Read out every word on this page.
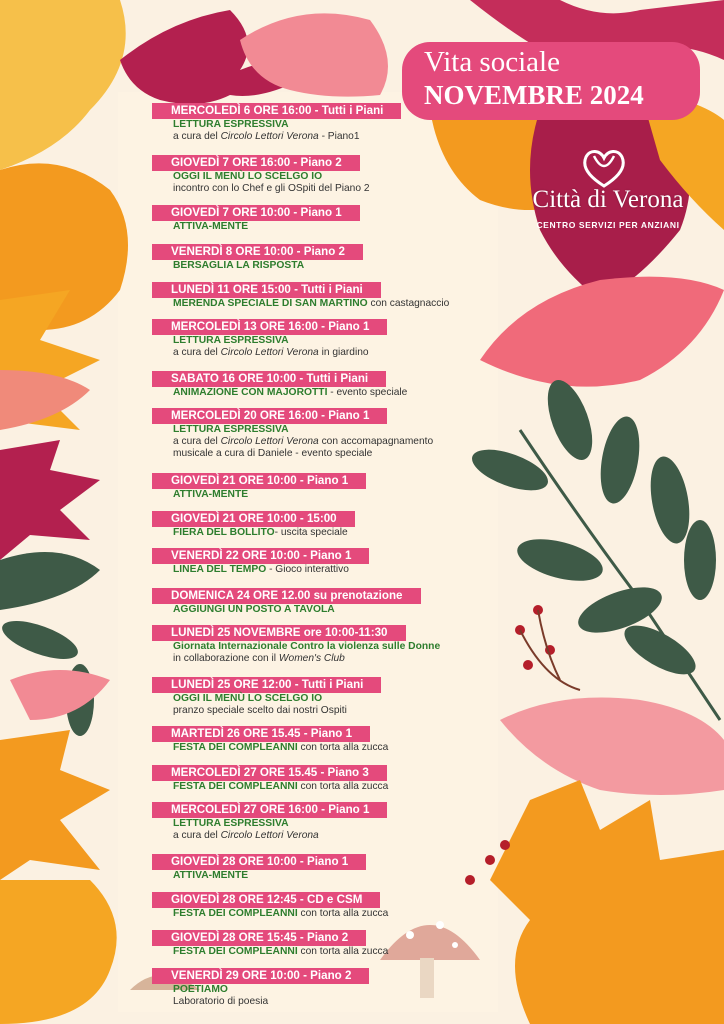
Vita sociale
NOVEMBRE 2024
Città di Verona
CENTRO SERVIZI PER ANZIANI
MERCOLEDÌ 6 ORE 16:00 - Tutti i Piani
LETTURA ESPRESSIVA
a cura del Circolo Lettori Verona - Piano1
GIOVEDÌ 7 ORE 16:00 - Piano 2
OGGI IL MENÙ LO SCELGO IO
incontro con lo Chef e gli OSpiti del Piano 2
GIOVEDÌ 7 ORE 10:00 - Piano 1
ATTIVA-MENTE
VENERDÌ 8 ORE 10:00 - Piano 2
BERSAGLIA LA RISPOSTA
LUNEDÌ 11 ORE 15:00 - Tutti i Piani
MERENDA SPECIALE DI SAN MARTINO con castagnaccio
MERCOLEDÌ 13 ORE 16:00 - Piano 1
LETTURA ESPRESSIVA
a cura del Circolo Lettori Verona in giardino
SABATO 16 ORE 10:00 - Tutti i Piani
ANIMAZIONE CON MAJOROTTI - evento speciale
MERCOLEDÌ 20 ORE 16:00 - Piano 1
LETTURA ESPRESSIVA
a cura del Circolo Lettori Verona con accomapagnamento
musicale a cura di Daniele - evento speciale
GIOVEDÌ 21 ORE 10:00 - Piano 1
ATTIVA-MENTE
GIOVEDÌ 21 ORE 10:00 - 15:00
FIERA DEL BOLLITO- uscita speciale
VENERDÌ 22 ORE 10:00 - Piano 1
LINEA DEL TEMPO - Gioco interattivo
DOMENICA 24 ORE 12.00 su prenotazione
AGGIUNGI UN POSTO A TAVOLA
LUNEDÌ 25 NOVEMBRE ore 10:00-11:30
Giornata Internazionale Contro la violenza sulle Donne
in collaborazione con il Women's Club
LUNEDÌ 25 ORE 12:00 - Tutti i Piani
OGGI IL MENÙ LO SCELGO IO
pranzo speciale scelto dai nostri Ospiti
MARTEDÌ 26 ORE 15.45 - Piano 1
FESTA DEI COMPLEANNI con torta alla zucca
MERCOLEDÌ 27 ORE 15.45 - Piano 3
FESTA DEI COMPLEANNI con torta alla zucca
MERCOLEDÌ 27 ORE 16:00 - Piano 1
LETTURA ESPRESSIVA
a cura del Circolo Lettori Verona
GIOVEDÌ 28 ORE 10:00 - Piano 1
ATTIVA-MENTE
GIOVEDÌ 28 ORE 12:45 - CD e CSM
FESTA DEI COMPLEANNI con torta alla zucca
GIOVEDÌ 28 ORE 15:45 - Piano 2
FESTA DEI COMPLEANNI con torta alla zucca
VENERDÌ 29 ORE 10:00 - Piano 2
POETIAMO
Laboratorio di poesia
